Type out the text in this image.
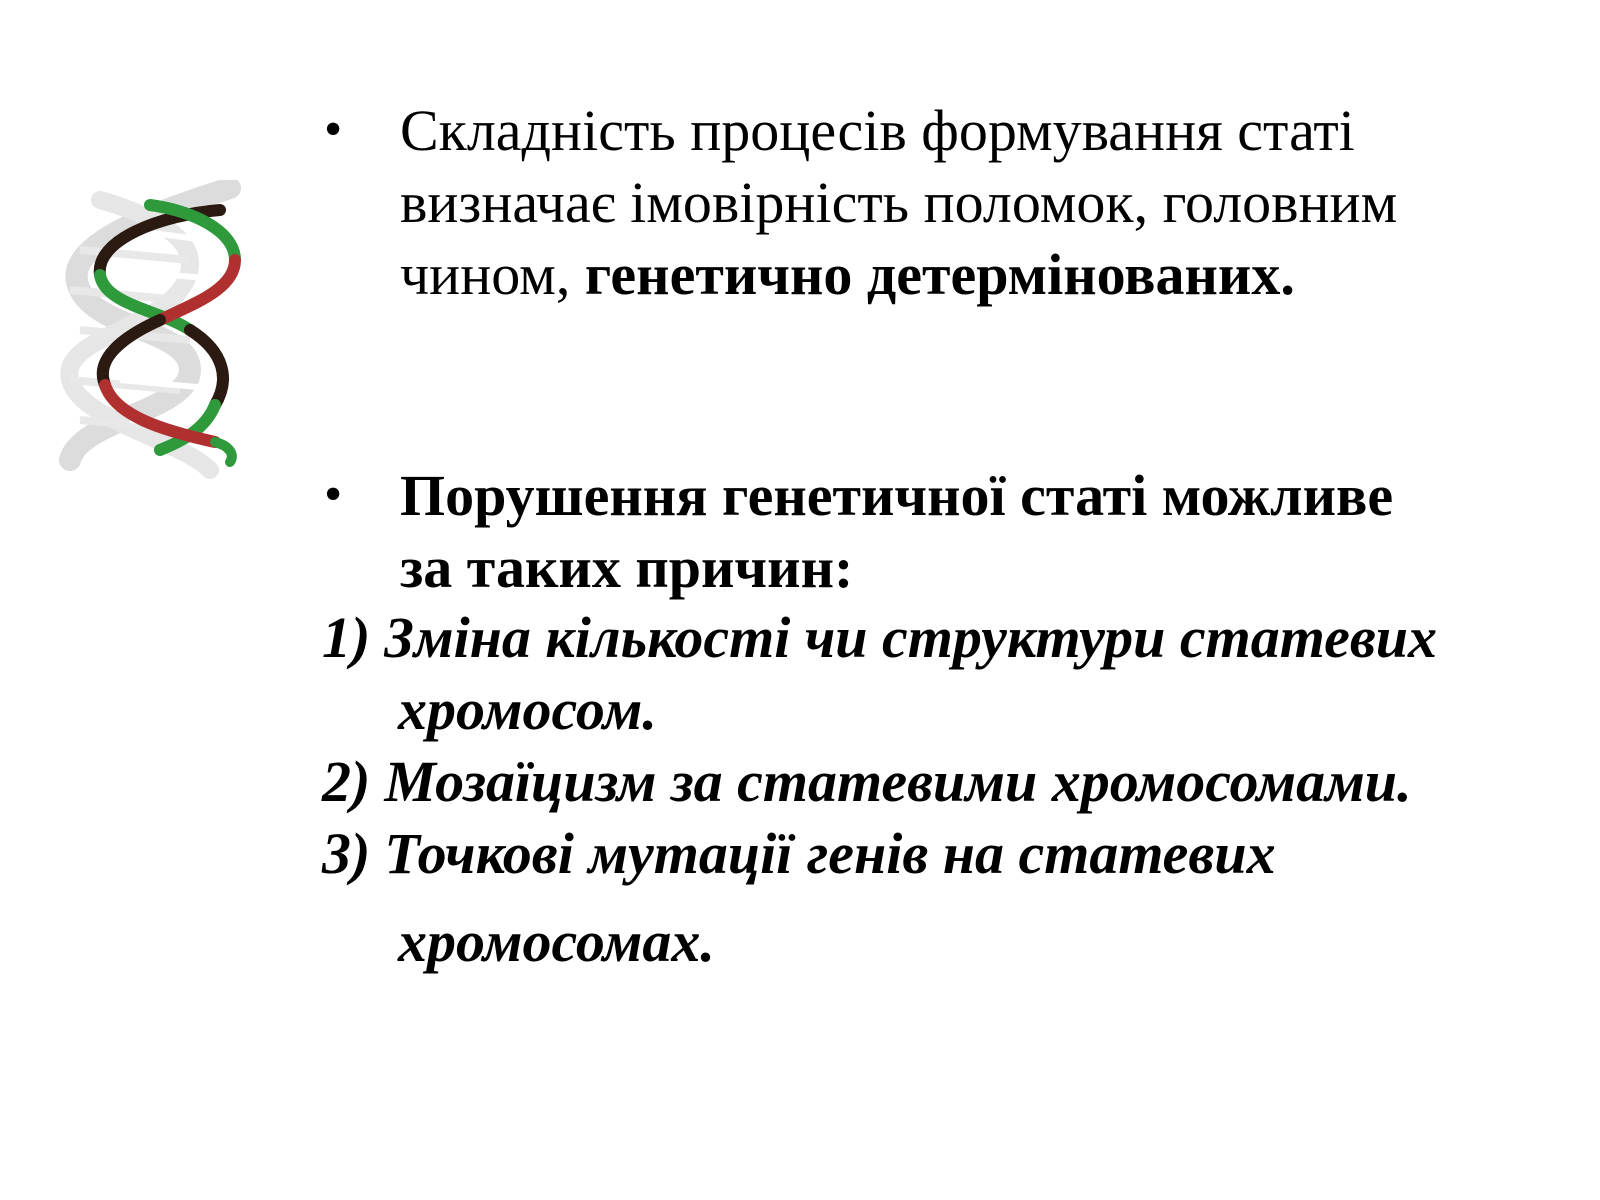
• Складність процесів формування статі
визначає імовірність поломок, головним
чином, генетично детермінованих.
• Порушення генетичної статі можливе
за таких причин:
1) Зміна кількості чи структури статевих
хромосом.
2) Мозаїцизм за статевими хромосомами.
3) Точкові мутації генів на статевих
хромосомах.
